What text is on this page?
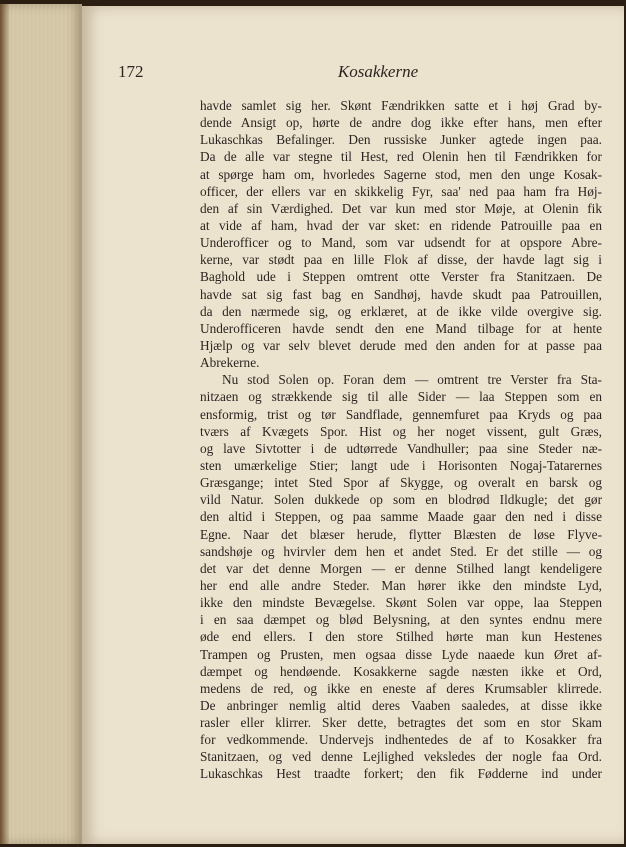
172	Kosakkerne
havde samlet sig her. Skønt Fændrikken satte et i høj Grad by-
dende Ansigt op, hørte de andre dog ikke efter hans, men efter
Lukaschkas Befalinger. Den russiske Junker agtede ingen paa.
Da de alle var stegne til Hest, red Olenin hen til Fændrikken for
at spørge ham om, hvorledes Sagerne stod, men den unge Kosak-
officer, der ellers var en skikkelig Fyr, saa' ned paa ham fra Høj-
den af sin Værdighed. Det var kun med stor Møje, at Olenin fik
at vide af ham, hvad der var sket: en ridende Patrouille paa en
Underofficer og to Mand, som var udsendt for at opspore Abre-
kerne, var stødt paa en lille Flok af disse, der havde lagt sig i
Baghold ude i Steppen omtrent otte Verster fra Stanitzaen. De
havde sat sig fast bag en Sandhøj, havde skudt paa Patrouillen,
da den nærmede sig, og erklæret, at de ikke vilde overgive sig.
Underofficeren havde sendt den ene Mand tilbage for at hente
Hjælp og var selv blevet derude med den anden for at passe paa
Abrekerne.
Nu stod Solen op. Foran dem — omtrent tre Verster fra Sta-
nitzaen og strækkende sig til alle Sider — laa Steppen som en
ensformig, trist og tør Sandflade, gennemfuret paa Kryds og paa
tværs af Kvægets Spor. Hist og her noget vissent, gult Græs,
og lave Sivtotter i de udtørrede Vandhuller; paa sine Steder næ-
sten umærkelige Stier; langt ude i Horisonten Nogaj-Tatarernes
Græsgange; intet Sted Spor af Skygge, og overalt en barsk og
vild Natur. Solen dukkede op som en blodrød Ildkugle; det gør
den altid i Steppen, og paa samme Maade gaar den ned i disse
Egne. Naar det blæser herude, flytter Blæsten de løse Flyve-
sandshøje og hvirvler dem hen et andet Sted. Er det stille — og
det var det denne Morgen — er denne Stilhed langt kendeligere
her end alle andre Steder. Man hører ikke den mindste Lyd,
ikke den mindste Bevægelse. Skønt Solen var oppe, laa Steppen
i en saa dæmpet og blød Belysning, at den syntes endnu mere
øde end ellers. I den store Stilhed hørte man kun Hestenes
Trampen og Prusten, men ogsaa disse Lyde naaede kun Øret af-
dæmpet og hendøende. Kosakkerne sagde næsten ikke et Ord,
medens de red, og ikke en eneste af deres Krumsabler klirrede.
De anbringer nemlig altid deres Vaaben saaledes, at disse ikke
rasler eller klirrer. Sker dette, betragtes det som en stor Skam
for vedkommende. Undervejs indhentedes de af to Kosakker fra
Stanitzaen, og ved denne Lejlighed veksledes der nogle faa Ord.
Lukaschkas Hest traadte forkert; den fik Fødderne ind under
